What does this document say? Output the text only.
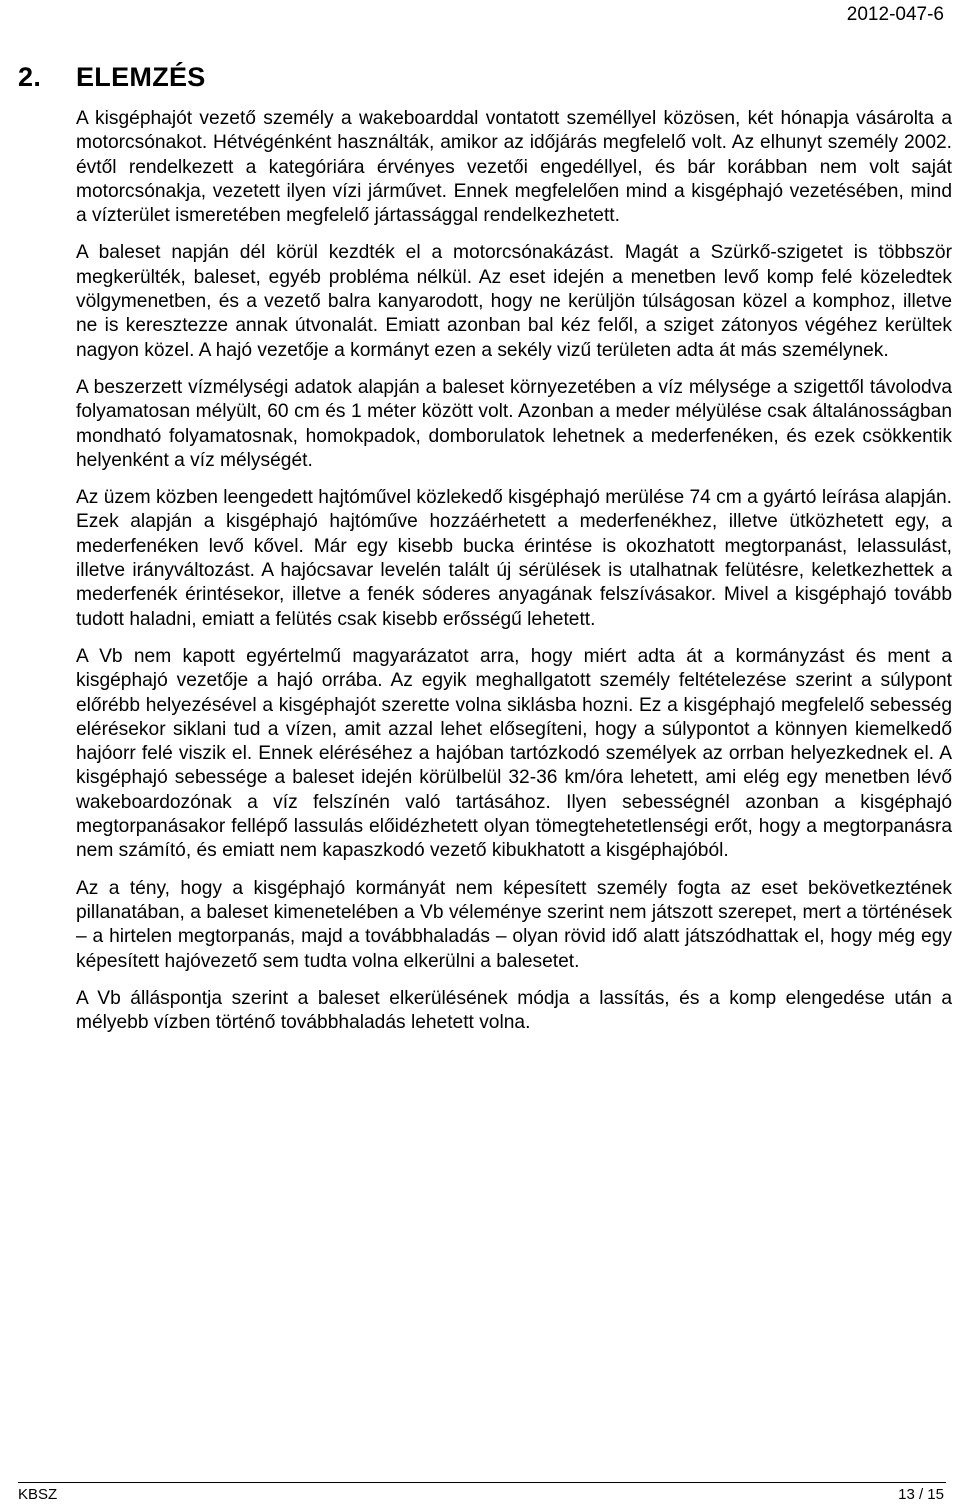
2012-047-6
2. ELEMZÉS

A kisgéphajót vezető személy a wakeboarddal vontatott személlyel közösen, két hónapja vásárolta a motorcsónakot. Hétvégénként használták, amikor az időjárás megfelelő volt. Az elhunyt személy 2002. évtől rendelkezett a kategóriára érvényes vezetői engedéllyel, és bár korábban nem volt saját motorcsónakja, vezetett ilyen vízi járművet. Ennek megfelelően mind a kisgéphajó vezetésében, mind a vízterület ismeretében megfelelő jártassággal rendelkezhetett.

A baleset napján dél körül kezdték el a motorcsónakázást. Magát a Szürkő-szigetet is többször megkerülték, baleset, egyéb probléma nélkül. Az eset idején a menetben levő komp felé közeledtek völgymenetben, és a vezető balra kanyarodott, hogy ne kerüljön túlságosan közel a komphoz, illetve ne is keresztezze annak útvonalát. Emiatt azonban bal kéz felől, a sziget zátonyos végéhez kerültek nagyon közel. A hajó vezetője a kormányt ezen a sekély vizű területen adta át más személynek.

A beszerzett vízmélységi adatok alapján a baleset környezetében a víz mélysége a szigettől távolodva folyamatosan mélyült, 60 cm és 1 méter között volt. Azonban a meder mélyülése csak általánosságban mondható folyamatosnak, homokpadok, domborulatok lehetnek a mederfenéken, és ezek csökkentik helyenként a víz mélységét.

Az üzem közben leengedett hajtóművel közlekedő kisgéphajó merülése 74 cm a gyártó leírása alapján. Ezek alapján a kisgéphajó hajtóműve hozzáérhetett a mederfenékhez, illetve ütközhetett egy, a mederfenéken levő kővel. Már egy kisebb bucka érintése is okozhatott megtorpanást, lelassulást, illetve irányváltozást. A hajócsavar levelén talált új sérülések is utalhatnak felütésre, keletkezhettek a mederfenék érintésekor, illetve a fenék sóderes anyagának felszívásakor. Mivel a kisgéphajó tovább tudott haladni, emiatt a felütés csak kisebb erősségű lehetett.

A Vb nem kapott egyértelmű magyarázatot arra, hogy miért adta át a kormányzást és ment a kisgéphajó vezetője a hajó orrába. Az egyik meghallgatott személy feltételezése szerint a súlypont előrébb helyezésével a kisgéphajót szerette volna siklásba hozni. Ez a kisgéphajó megfelelő sebesség elérésekor siklani tud a vízen, amit azzal lehet elősegíteni, hogy a súlypontot a könnyen kiemelkedő hajóorr felé viszik el. Ennek eléréséhez a hajóban tartózkodó személyek az orrban helyezkednek el. A kisgéphajó sebessége a baleset idején körülbelül 32-36 km/óra lehetett, ami elég egy menetben lévő wakeboardozónak a víz felszínén való tartásához. Ilyen sebességnél azonban a kisgéphajó megtorpanásakor fellépő lassulás előidézhetett olyan tömegtehetetlenségi erőt, hogy a megtorpanásra nem számító, és emiatt nem kapaszkodó vezető kibukhatott a kisgéphajóból.

Az a tény, hogy a kisgéphajó kormányát nem képesített személy fogta az eset bekövetkeztének pillanatában, a baleset kimenetelében a Vb véleménye szerint nem játszott szerepet, mert a történések – a hirtelen megtorpanás, majd a továbbhaladás – olyan rövid idő alatt játszódhattak el, hogy még egy képesített hajóvezető sem tudta volna elkerülni a balesetet.

A Vb álláspontja szerint a baleset elkerülésének módja a lassítás, és a komp elengedése után a mélyebb vízben történő továbbhaladás lehetett volna.

KBSZ	13 / 15
